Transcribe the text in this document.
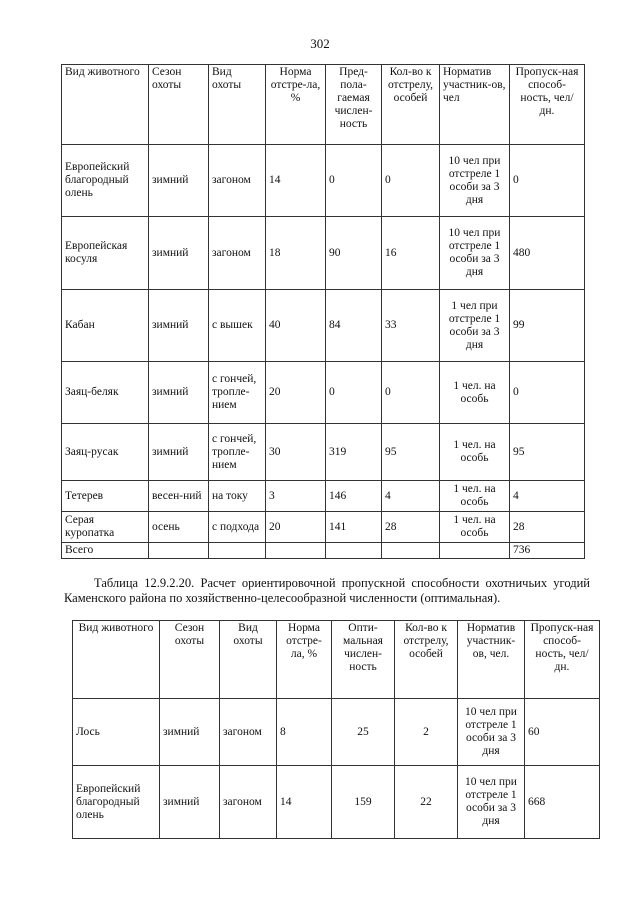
302
Вид животного	Сезон охоты	Вид охоты	Норма отстре-ла, %	Пред-пола-гаемая числен-ность	Кол-во к отстрелу, особей	Норматив участник-ов, чел	Пропуск-ная способ-ность, чел/дн.
Европейский благородный олень	зимний	загоном	14	0	0	10 чел при отстреле 1 особи за 3 дня	0
Европейская косуля	зимний	загоном	18	90	16	10 чел при отстреле 1 особи за 3 дня	480
Кабан	зимний	с вышек	40	84	33	1 чел при отстреле 1 особи за 3 дня	99
Заяц-беляк	зимний	с гончей, тропле-нием	20	0	0	1 чел. на особь	0
Заяц-русак	зимний	с гончей, тропле-нием	30	319	95	1 чел. на особь	95
Тетерев	весен-ний	на току	3	146	4	1 чел. на особь	4
Серая куропатка	осень	с подхода	20	141	28	1 чел. на особь	28
Всего							736
Таблица 12.9.2.20. Расчет ориентировочной пропускной способности охотничьих угодий Каменского района по хозяйственно-целесообразной численности (оптимальная).
Вид животного	Сезон охоты	Вид охоты	Норма отстре-ла, %	Опти-мальная числен-ность	Кол-во к отстрелу, особей	Норматив участник-ов, чел.	Пропуск-ная способ-ность, чел/дн.
Лось	зимний	загоном	8	25	2	10 чел при отстреле 1 особи за 3 дня	60
Европейский благородный олень	зимний	загоном	14	159	22	10 чел при отстреле 1 особи за 3 дня	668
